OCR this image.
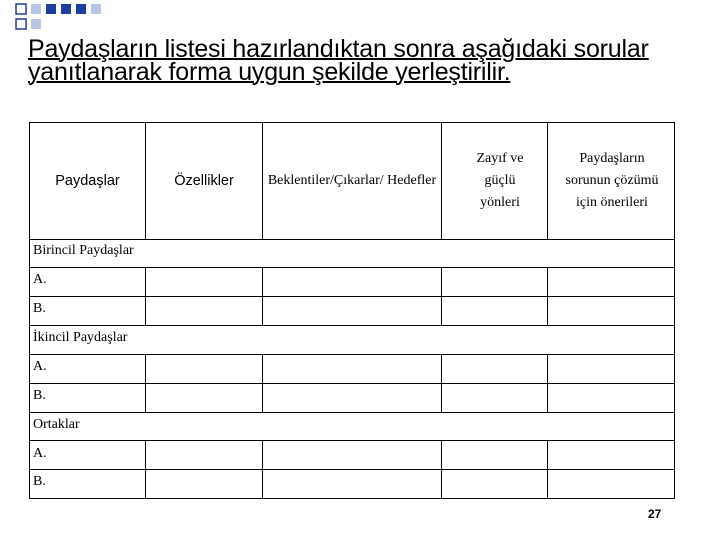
Paydaşların listesi hazırlandıktan sonra aşağıdaki sorular yanıtlanarak forma uygun şekilde yerleştirilir.
Paydaşlar	Özellikler	Beklentiler/Çıkarlar/ Hedefler
Zayıf ve güçlü yönleri
Paydaşların sorunun çözümü için önerileri
Birincil Paydaşlar
A.
B.
İkincil Paydaşlar
A.
B.
Ortaklar
A.
B.
27
